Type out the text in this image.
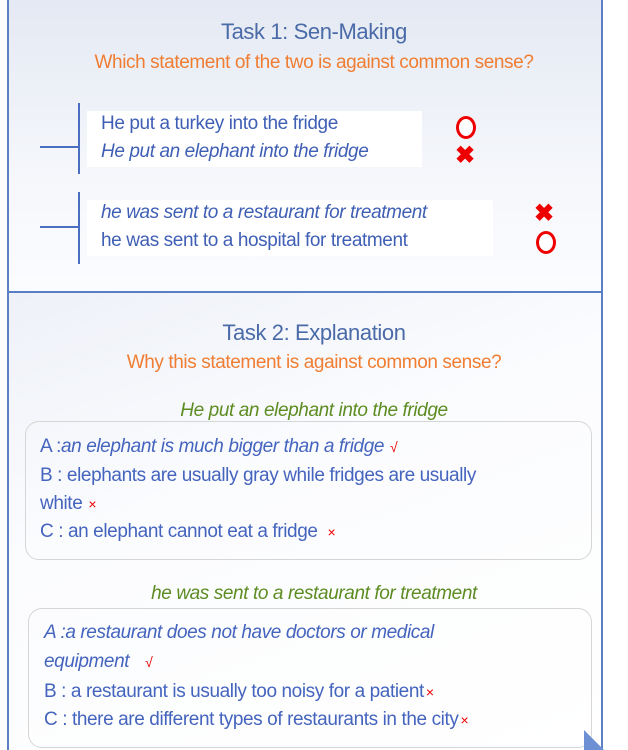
Task 1: Sen-Making
Which statement of the two is against common sense?
He put a turkey into the fridge
He put an elephant into the fridge	✖
he was sent to a restaurant for treatment
he was sent to a hospital for treatment
✖
Task 2: Explanation
Why this statement is against common sense?
He put an elephant into the fridge
A :an elephant is much bigger than a fridge √
B : elephants are usually gray while fridges are usually
white ×
C : an elephant cannot eat a fridge ×
he was sent to a restaurant for treatment
A :a restaurant does not have doctors or medical
equipment √
B : a restaurant is usually too noisy for a patient ×
C : there are different types of restaurants in the city ×
